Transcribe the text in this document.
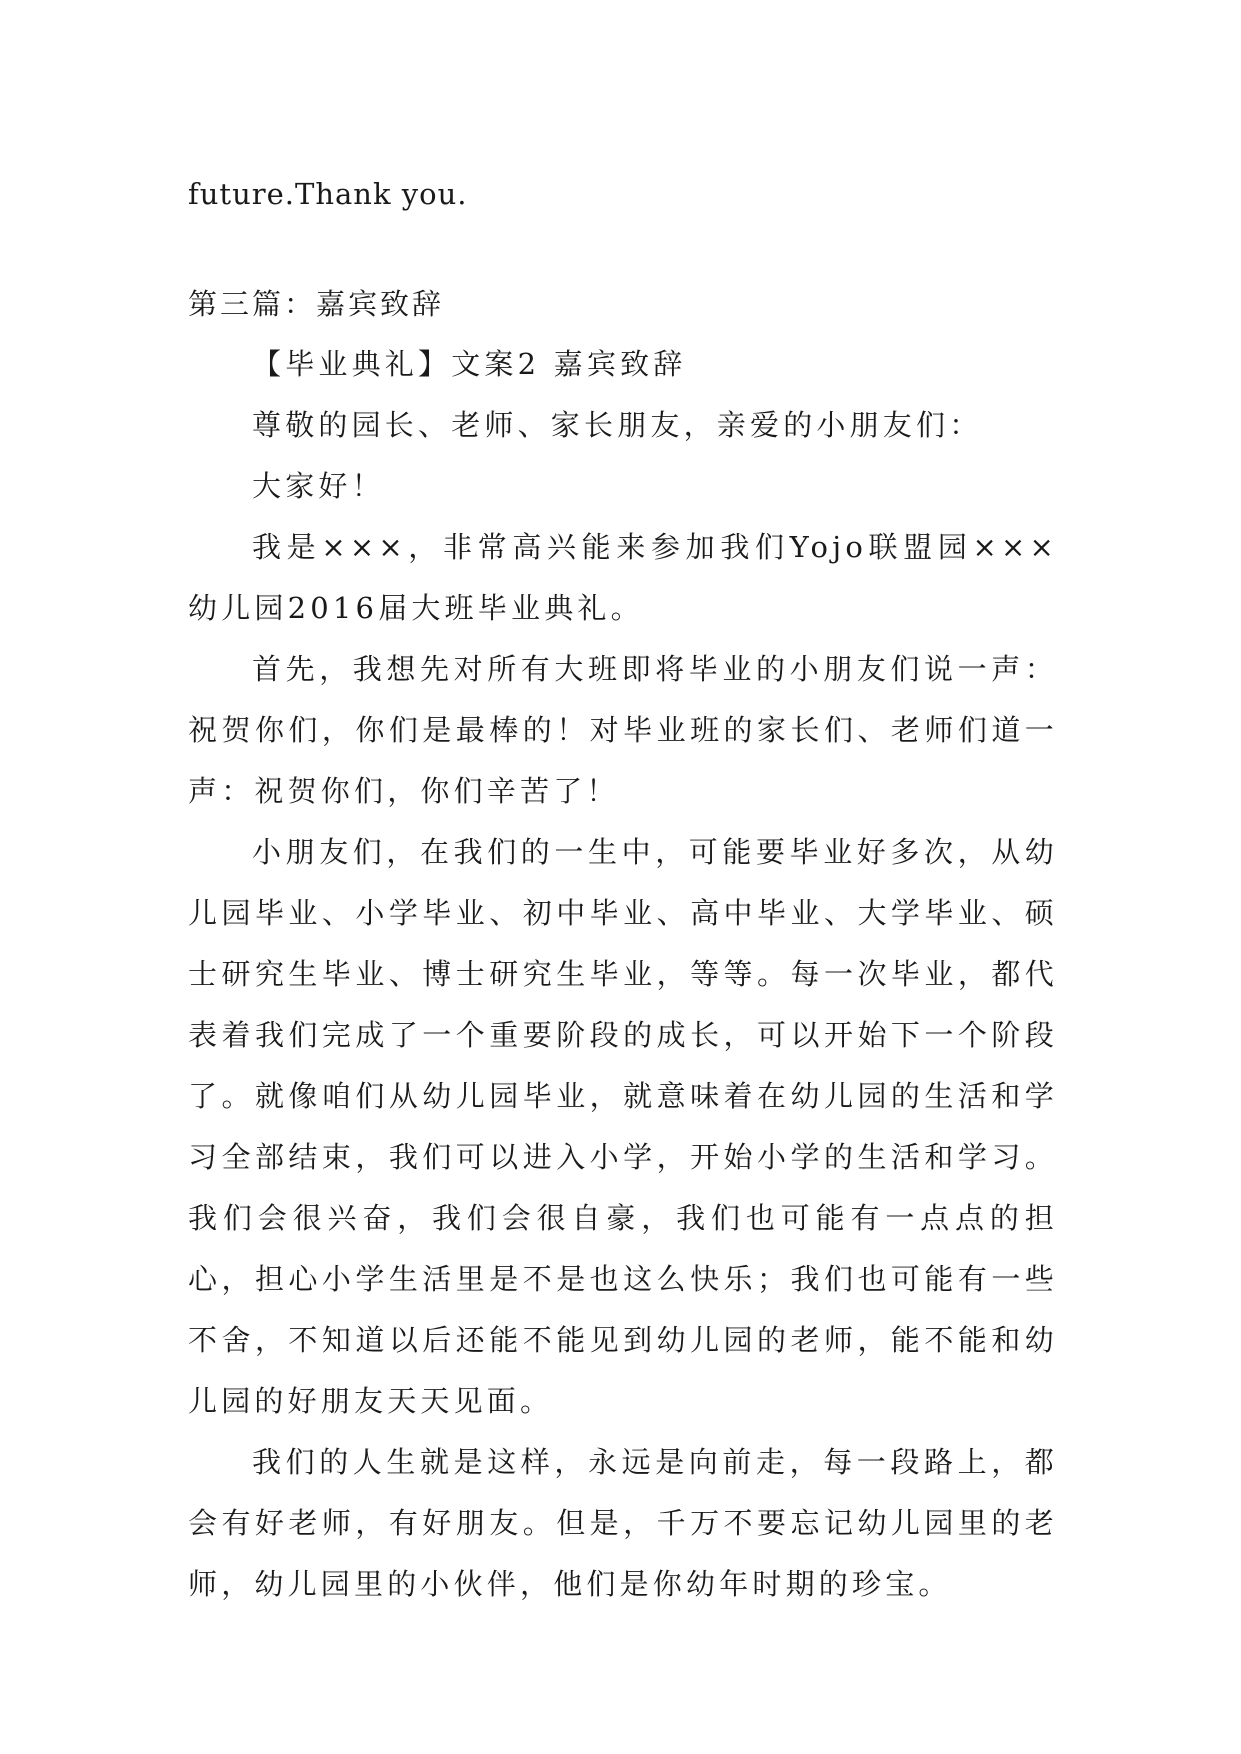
future.Thank you.

第三篇：嘉宾致辞

【毕业典礼】文案2 嘉宾致辞

尊敬的园长、老师、家长朋友，亲爱的小朋友们：

大家好！

我是×××，非常高兴能来参加我们Yojo联盟园×××幼儿园2016届大班毕业典礼。

首先，我想先对所有大班即将毕业的小朋友们说一声：祝贺你们，你们是最棒的！对毕业班的家长们、老师们道一声：祝贺你们，你们辛苦了！

小朋友们，在我们的一生中，可能要毕业好多次，从幼儿园毕业、小学毕业、初中毕业、高中毕业、大学毕业、硕士研究生毕业、博士研究生毕业，等等。每一次毕业，都代表着我们完成了一个重要阶段的成长，可以开始下一个阶段了。就像咱们从幼儿园毕业，就意味着在幼儿园的生活和学习全部结束，我们可以进入小学，开始小学的生活和学习。我们会很兴奋，我们会很自豪，我们也可能有一点点的担心，担心小学生活里是不是也这么快乐；我们也可能有一些不舍，不知道以后还能不能见到幼儿园的老师，能不能和幼儿园的好朋友天天见面。

我们的人生就是这样，永远是向前走，每一段路上，都会有好老师，有好朋友。但是，千万不要忘记幼儿园里的老师，幼儿园里的小伙伴，他们是你幼年时期的珍宝。
